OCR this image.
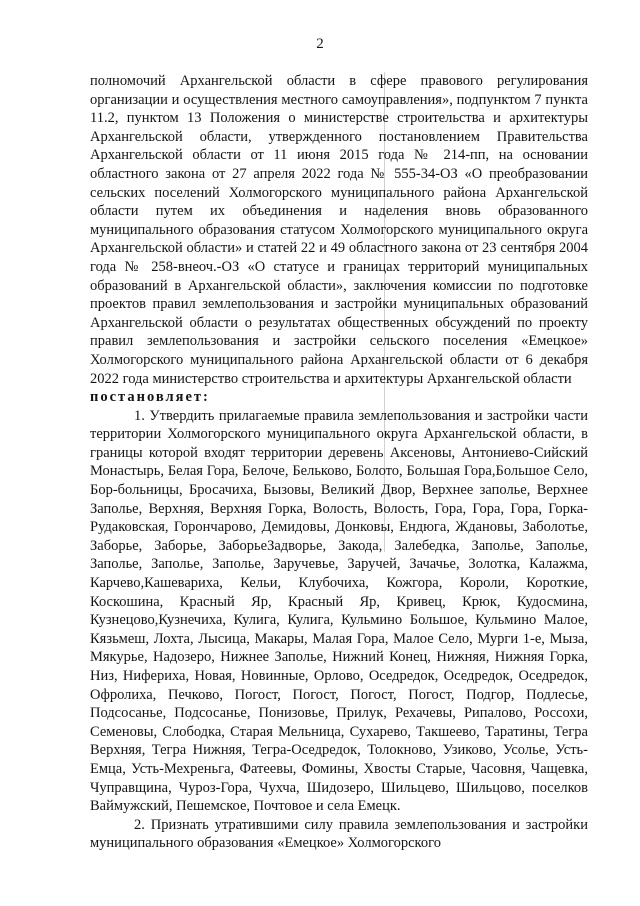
2

полномочий Архангельской области в сфере правового регулирования организации и осуществления местного самоуправления», подпунктом 7 пункта 11.2, пунктом 13 Положения о министерстве строительства и архитектуры Архангельской области, утвержденного постановлением Правительства Архангельской области от 11 июня 2015 года № 214-пп, на основании областного закона от 27 апреля 2022 года № 555-34-ОЗ «О преобразовании сельских поселений Холмогорского муниципального района Архангельской области путем их объединения и наделения вновь образованного муниципального образования статусом Холмогорского муниципального округа Архангельской области» и статей 22 и 49 областного закона от 23 сентября 2004 года № 258-внеоч.-ОЗ «О статусе и границах территорий муниципальных образований в Архангельской области», заключения комиссии по подготовке проектов правил землепользования и застройки муниципальных образований Архангельской области о результатах общественных обсуждений по проекту правил землепользования и застройки сельского поселения «Емецкое» Холмогорского муниципального района Архангельской области от 6 декабря 2022 года министерство строительства и архитектуры Архангельской области

постановляет:

1. Утвердить прилагаемые правила землепользования и застройки части территории Холмогорского муниципального округа Архангельской области, в границы которой входят территории деревень Аксеновы, Антониево-Сийский Монастырь, Белая Гора, Белоче, Бельково, Болото, Большая Гора,Большое Село, Бор-больницы, Бросачиха, Бызовы, Великий Двор, Верхнее заполье, Верхнее Заполье, Верхняя, Верхняя Горка, Волость, Волость, Гора, Гора, Гора, Горка-Рудаковская, Горончарово, Демидовы, Донковы, Ендюга, Ждановы, Заболотье, Заборье, Заборье, ЗаборьеЗадворье, Закода, Залебедка, Заполье, Заполье, Заполье, Заполье, Заполье, Заручевье, Заручей, Зачачье, Золотка, Калажма, Карчево,Кашевариха, Кельи, Клубочиха, Кожгора, Короли, Короткие, Коскошина, Красный Яр, Красный Яр, Кривец, Крюк, Кудосмина, Кузнецово,Кузнечиха, Кулига, Кулига, Кульмино Большое, Кульмино Малое, Кязьмеш, Лохта, Лысица, Макары, Малая Гора, Малое Село, Мурги 1-е, Мыза, Мякурье, Надозеро, Нижнее Заполье, Нижний Конец, Нижняя, Нижняя Горка, Низ, Нифериха, Новая, Новинные, Орлово, Оседредок, Оседредок, Оседредок, Офролиха, Печково, Погост, Погост, Погост, Погост, Подгор, Подлесье, Подсосанье, Подсосанье, Понизовье, Прилук, Рехачевы, Рипалово, Россохи, Семеновы, Слободка, Старая Мельница, Сухарево, Такшеево, Таратины, Тегра Верхняя, Тегра Нижняя, Тегра-Оседредок, Толокново, Узиково, Усолье, Усть-Емца, Усть-Мехреньга, Фатеевы, Фомины, Хвосты Старые, Часовня, Чащевка, Чуправщина, Чуроз-Гора, Чухча, Шидозеро, Шильцево, Шильцово, поселков Ваймужский, Пешемское, Почтовое и села Емецк.

2. Признать утратившими силу правила землепользования и застройки муниципального образования «Емецкое» Холмогорского
